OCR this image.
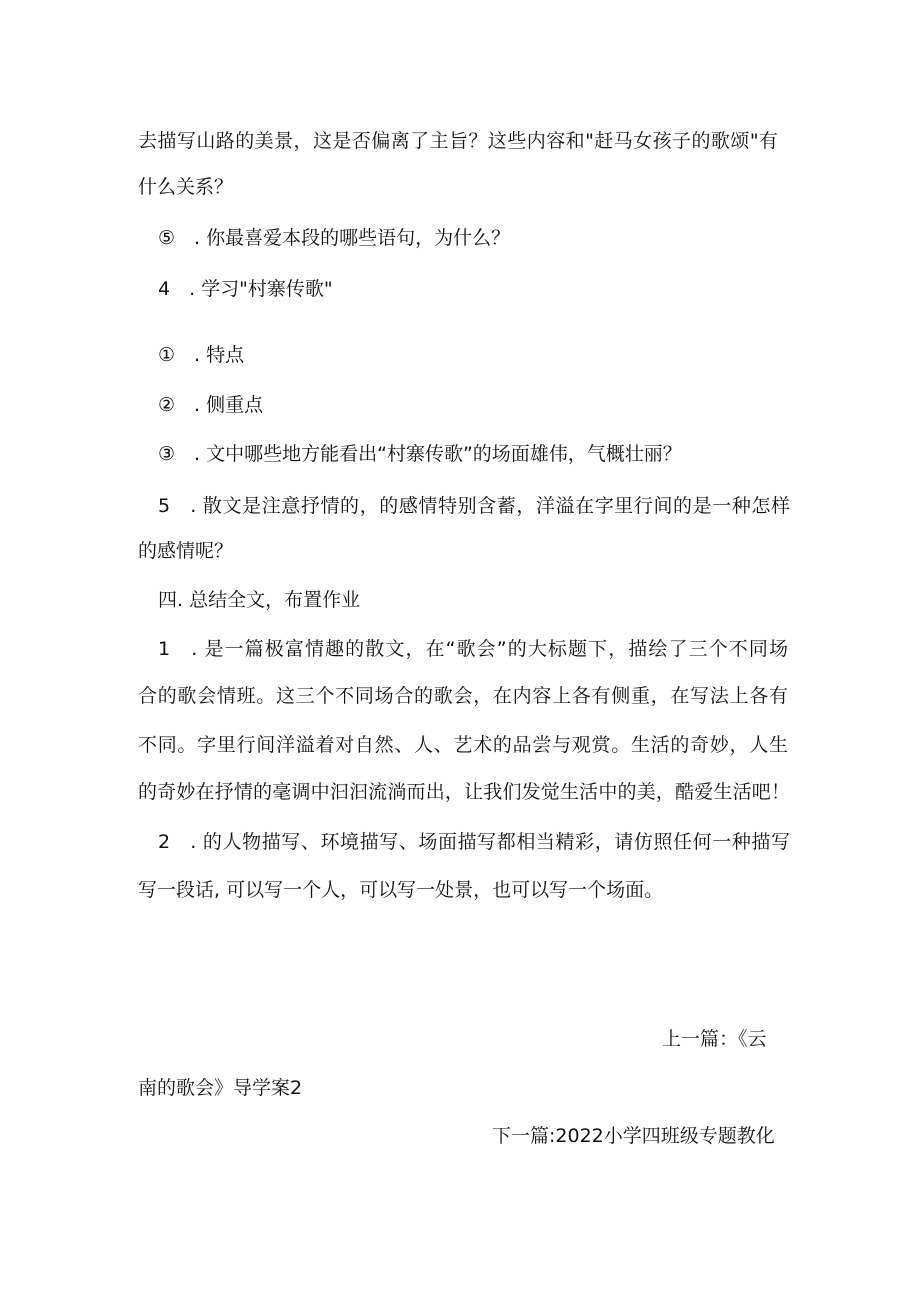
去描写山路的美景，这是否偏离了主旨？这些内容和"赶马女孩子的歌颂"有
什么关系？
⑤　. 你最喜爱本段的哪些语句，为什么？
4　. 学习"村寨传歌"
①　. 特点
②　. 侧重点
③　. 文中哪些地方能看出“村寨传歌”的场面雄伟，气概壮丽？
5　. 散文是注意抒情的，的感情特别含蓄，洋溢在字里行间的是一种怎样
的感情呢？
四. 总结全文，布置作业
1　. 是一篇极富情趣的散文，在“歌会”的大标题下，描绘了三个不同场
合的歌会情班。这三个不同场合的歌会，在内容上各有侧重，在写法上各有
不同。字里行间洋溢着对自然、人、艺术的品尝与观赏。生活的奇妙，人生
的奇妙在抒情的毫调中汩汩流淌而出，让我们发觉生活中的美，酷爱生活吧！
2　. 的人物描写、环境描写、场面描写都相当精彩，请仿照任何一种描写
写一段话, 可以写一个人，可以写一处景，也可以写一个场面。
上一篇：《云
南的歌会》导学案2
下一篇:2022小学四班级专题教化
